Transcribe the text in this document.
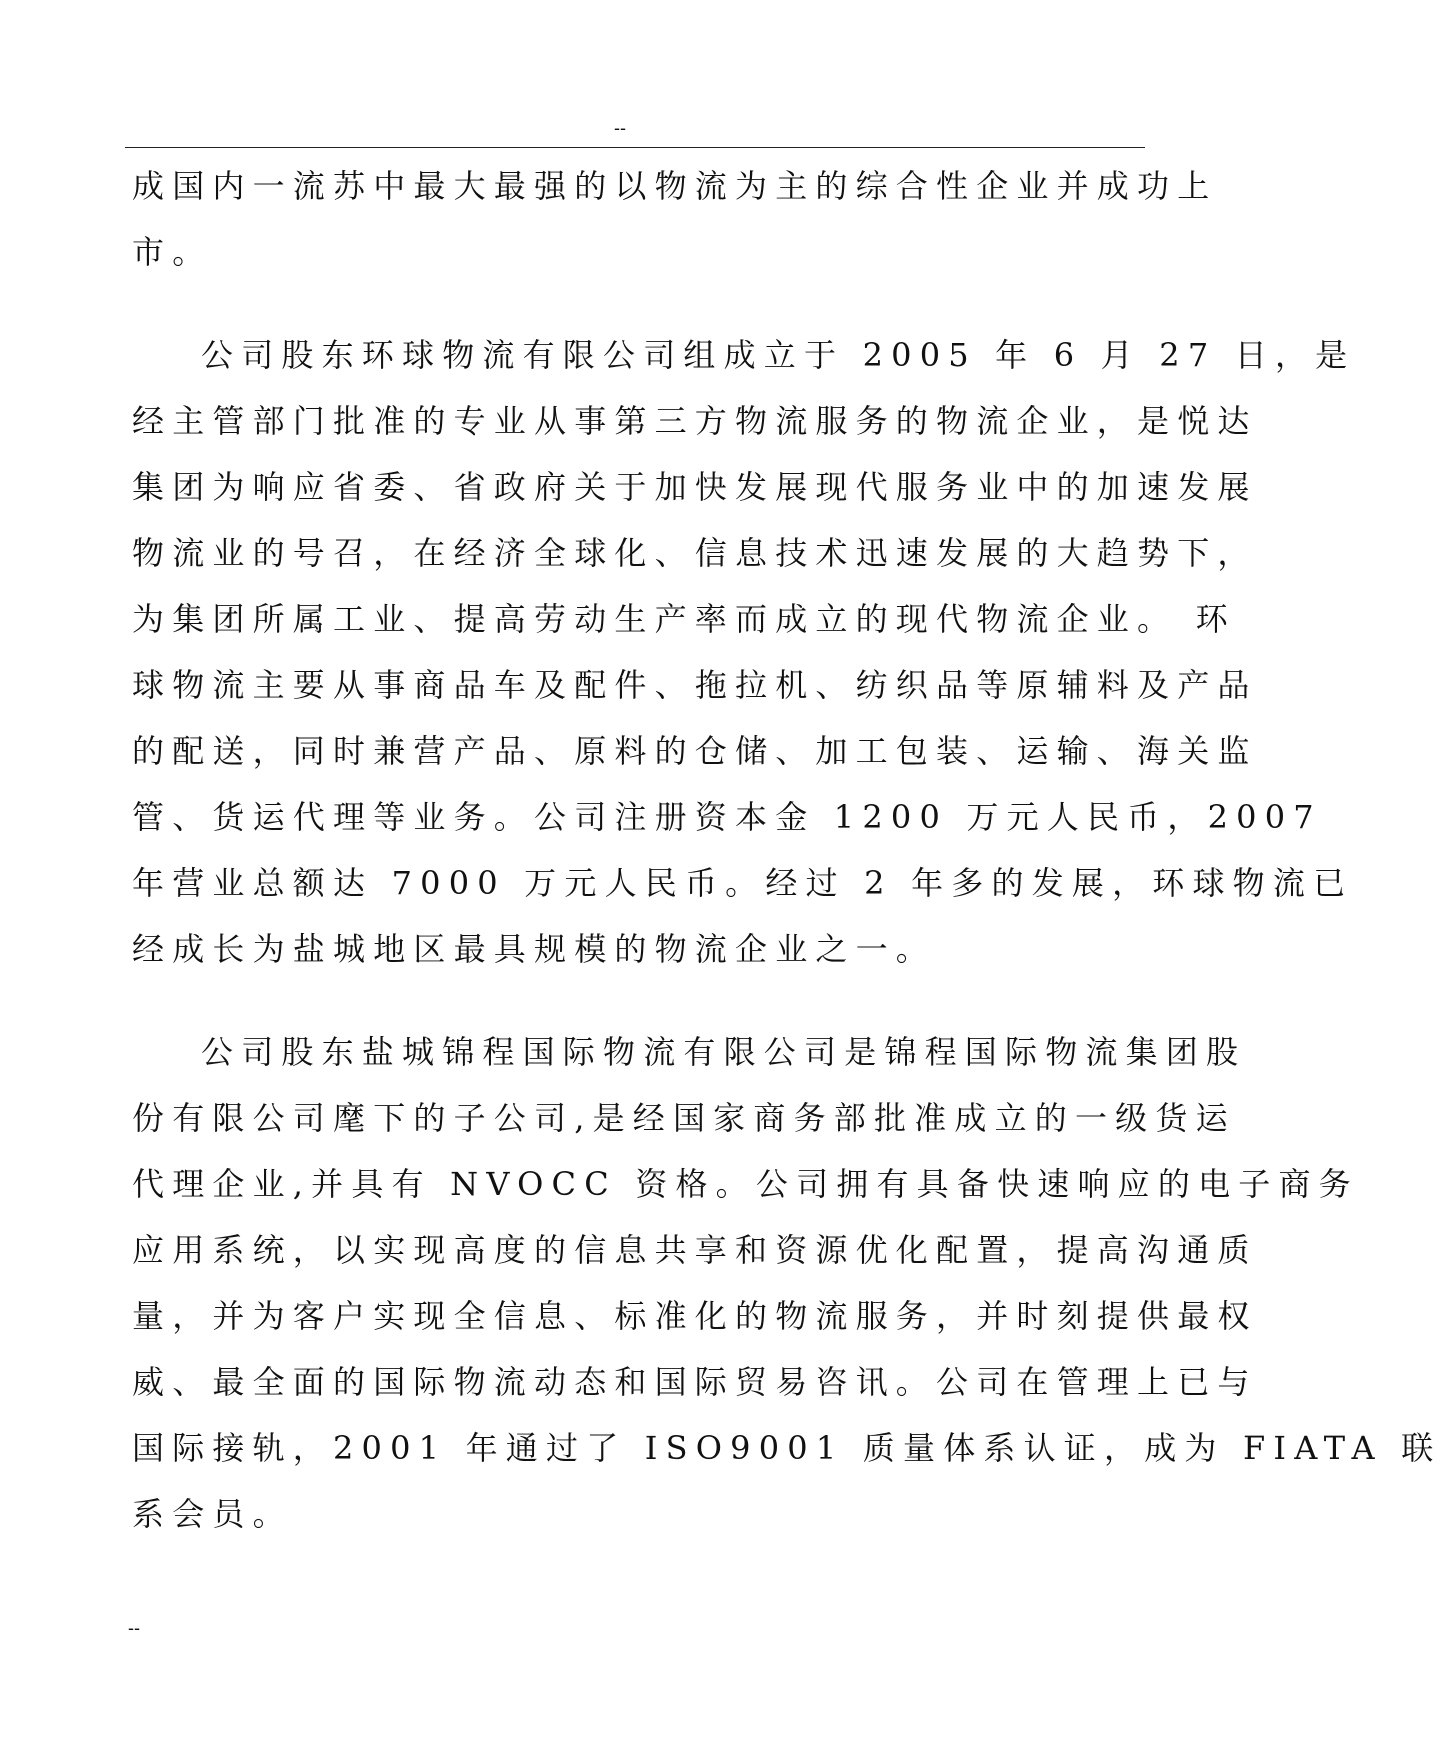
--
成国内一流苏中最大最强的以物流为主的综合性企业并成功上
市。
公司股东环球物流有限公司组成立于 2005 年 6 月 27 日，是
经主管部门批准的专业从事第三方物流服务的物流企业，是悦达
集团为响应省委、省政府关于加快发展现代服务业中的加速发展
物流业的号召，在经济全球化、信息技术迅速发展的大趋势下，
为集团所属工业、提高劳动生产率而成立的现代物流企业。 环
球物流主要从事商品车及配件、拖拉机、纺织品等原辅料及产品
的配送，同时兼营产品、原料的仓储、加工包装、运输、海关监
管、货运代理等业务。公司注册资本金 1200 万元人民币，2007
年营业总额达 7000 万元人民币。经过 2 年多的发展，环球物流已
经成长为盐城地区最具规模的物流企业之一。
公司股东盐城锦程国际物流有限公司是锦程国际物流集团股
份有限公司麾下的子公司,是经国家商务部批准成立的一级货运
代理企业,并具有 NVOCC 资格。公司拥有具备快速响应的电子商务
应用系统，以实现高度的信息共享和资源优化配置，提高沟通质
量，并为客户实现全信息、标准化的物流服务，并时刻提供最权
威、最全面的国际物流动态和国际贸易咨讯。公司在管理上已与
国际接轨，2001 年通过了 ISO9001 质量体系认证，成为 FIATA 联
系会员。
--
